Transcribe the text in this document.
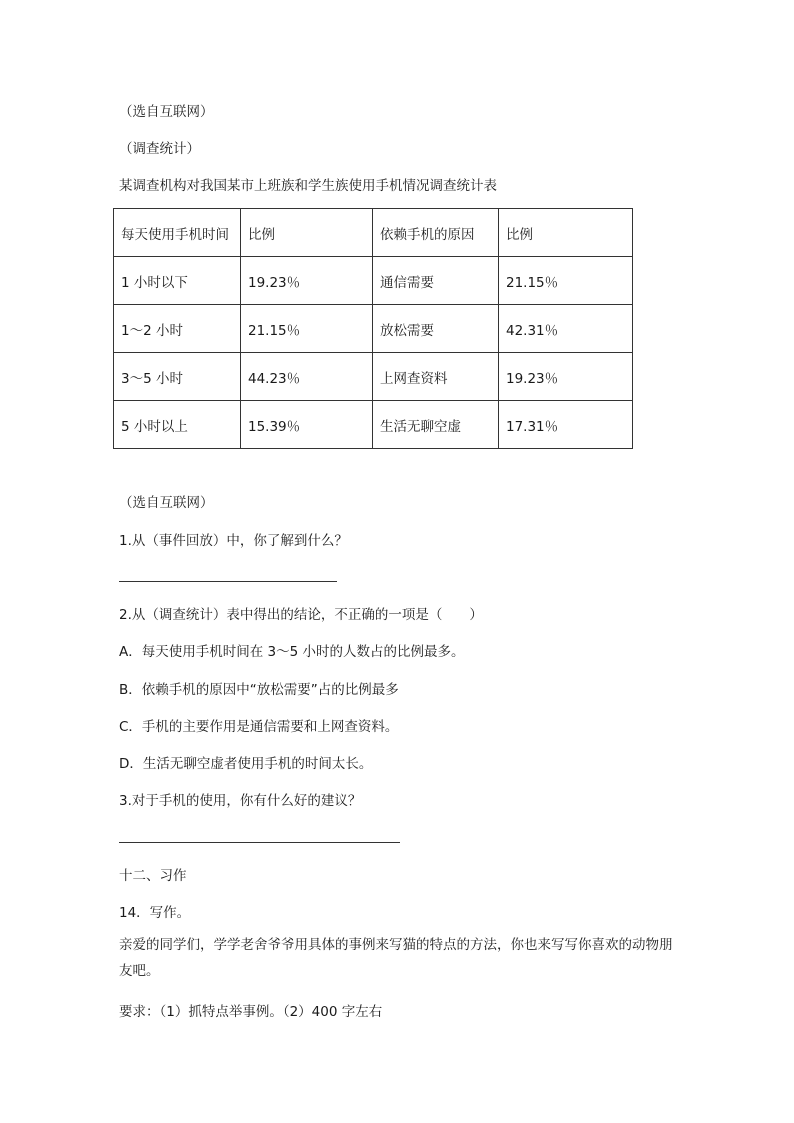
（选自互联网）
（调查统计）
某调查机构对我国某市上班族和学生族使用手机情况调查统计表
每天使用手机时间	比例	依赖手机的原因	比例
1 小时以下	19.23％	通信需要	21.15％
1～2 小时	21.15％	放松需要	42.31％
3～5 小时	44.23％	上网查资料	19.23％
5 小时以上	15.39％	生活无聊空虚	17.31％
（选自互联网）
1.从（事件回放）中，你了解到什么？
2.从（调查统计）表中得出的结论，不正确的一项是（　　）
A．每天使用手机时间在 3～5 小时的人数占的比例最多。
B．依赖手机的原因中“放松需要”占的比例最多
C．手机的主要作用是通信需要和上网查资料。
D．生活无聊空虚者使用手机的时间太长。
3.对于手机的使用，你有什么好的建议？
十二、习作
14．写作。
亲爱的同学们，学学老舍爷爷用具体的事例来写猫的特点的方法，你也来写写你喜欢的动物朋友吧。
要求：（1）抓特点举事例。（2）400 字左右
